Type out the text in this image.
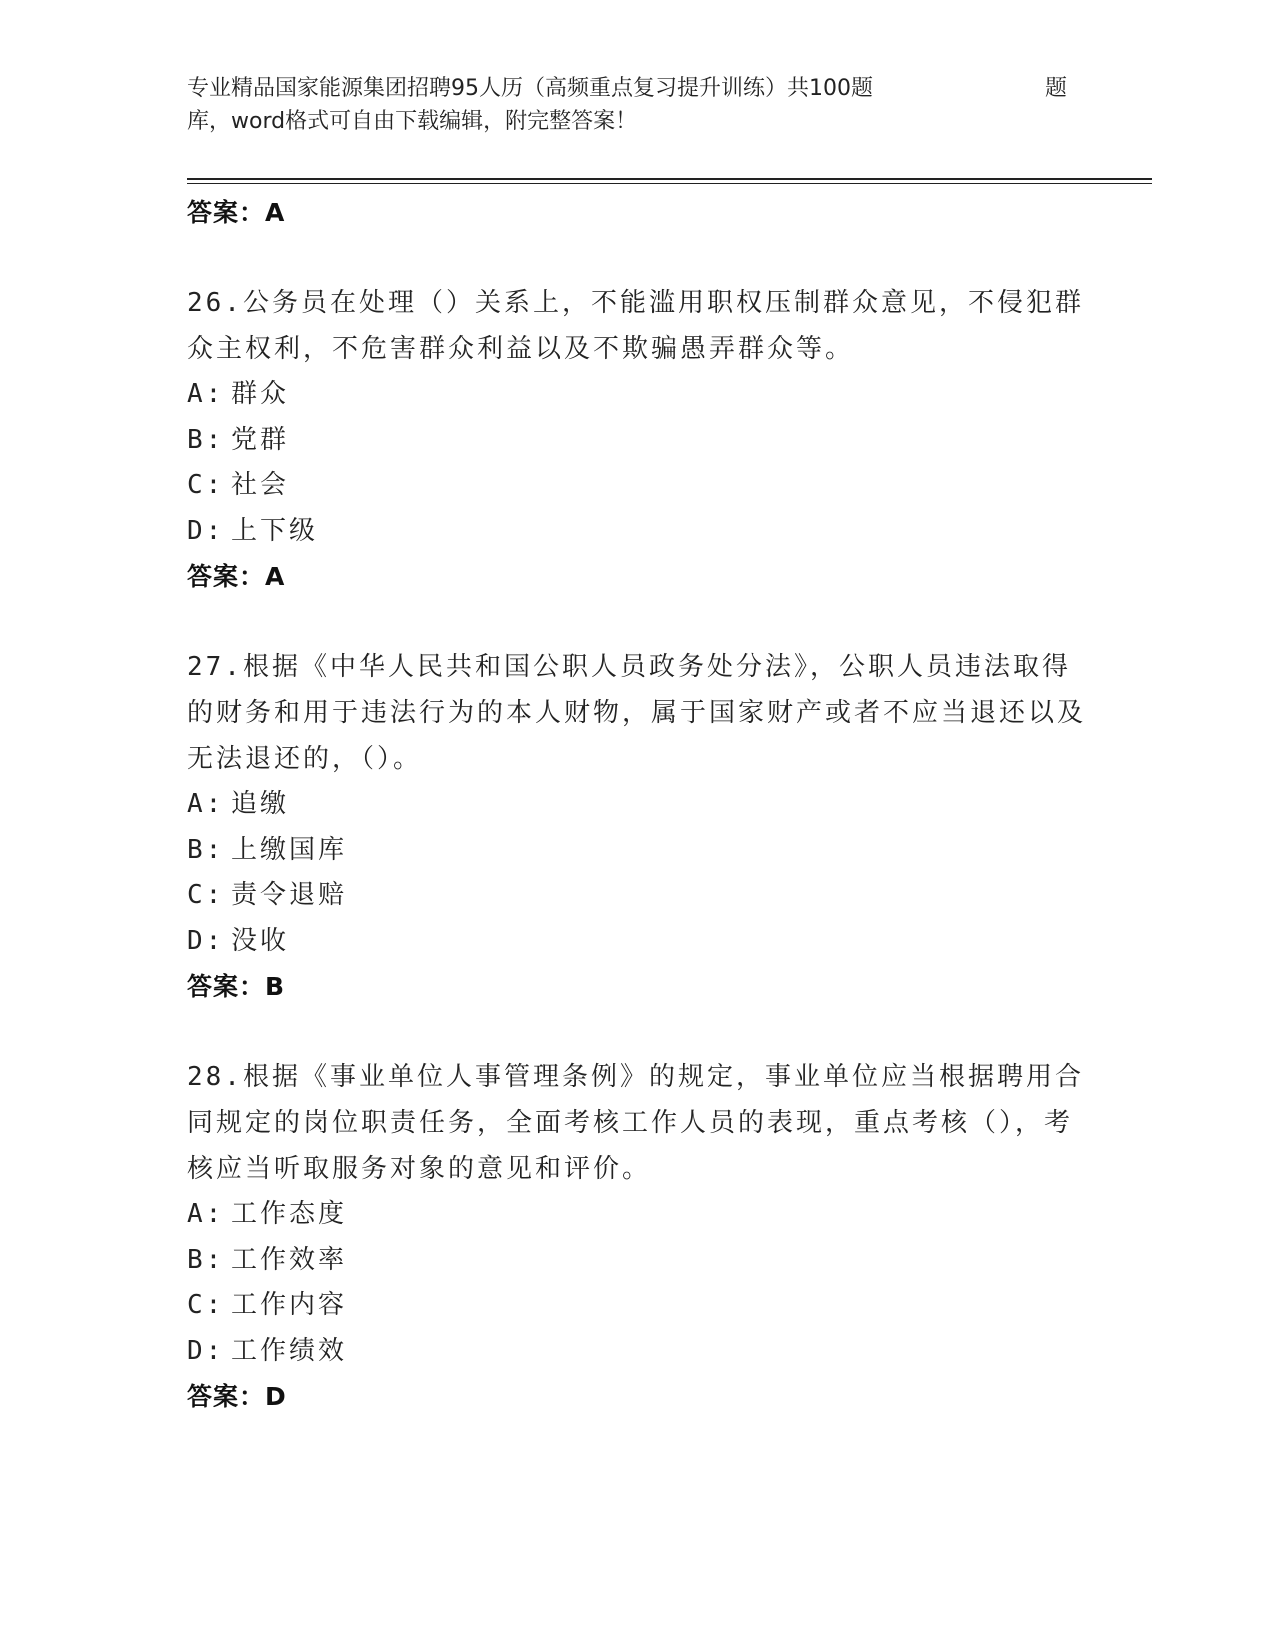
专业精品国家能源集团招聘95人历（高频重点复习提升训练）共100题	题
库，word格式可自由下载编辑，附完整答案！
答案：A

26.公务员在处理（）关系上，不能滥用职权压制群众意见，不侵犯群众主权利，不危害群众利益以及不欺骗愚弄群众等。

A: 群众
B: 党群
C: 社会
D: 上下级
答案：A

27.根据《中华人民共和国公职人员政务处分法》，公职人员违法取得的财务和用于违法行为的本人财物，属于国家财产或者不应当退还以及无法退还的，（）。

A: 追缴
B: 上缴国库
C: 责令退赔
D: 没收
答案：B

28.根据《事业单位人事管理条例》的规定，事业单位应当根据聘用合同规定的岗位职责任务，全面考核工作人员的表现，重点考核（），考核应当听取服务对象的意见和评价。

A: 工作态度
B: 工作效率
C: 工作内容
D: 工作绩效
答案：D
